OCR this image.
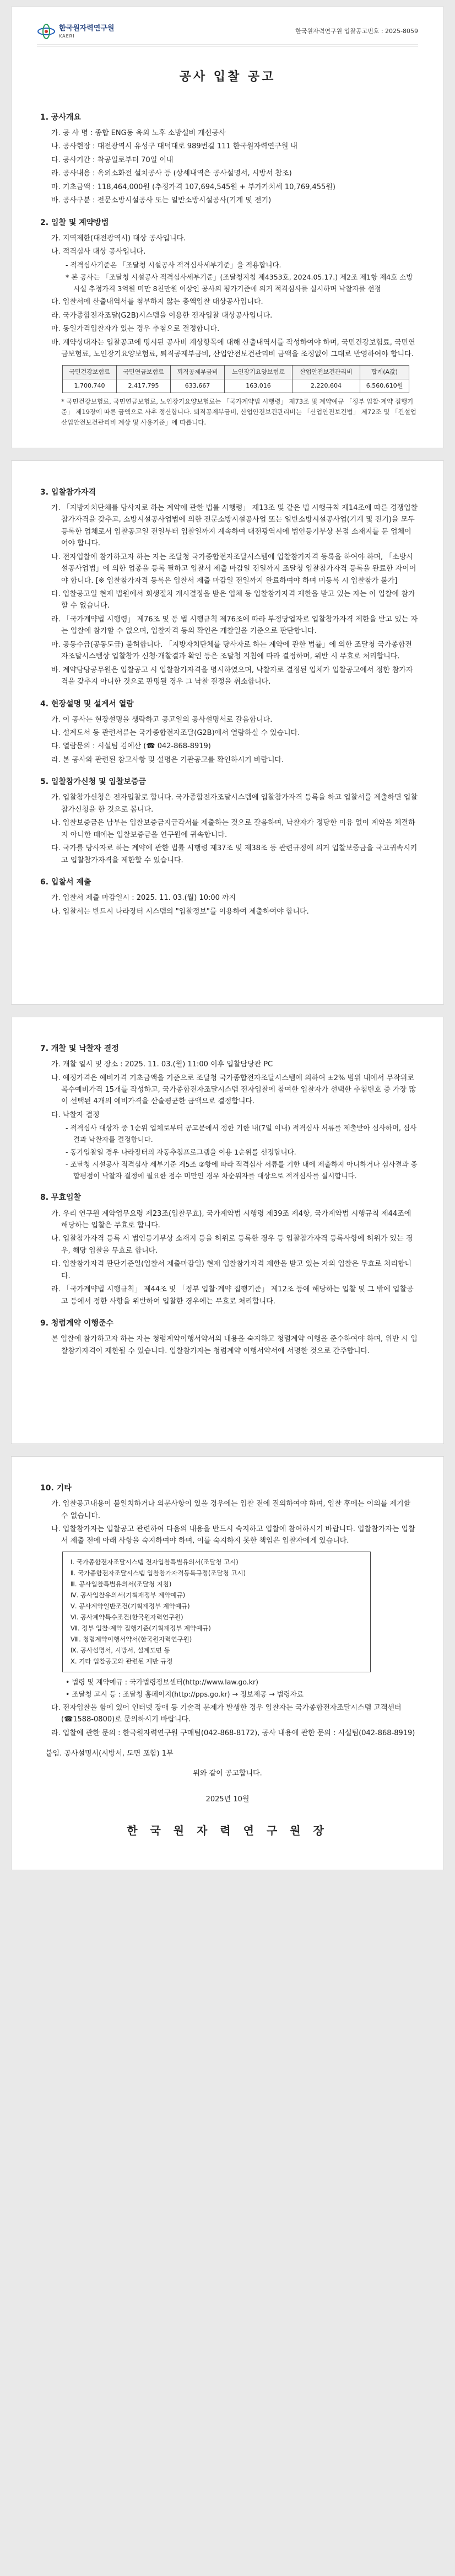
한국원자력연구원
KAERI
한국원자력연구원 입찰공고번호 : 2025-8059
공사 입찰 공고
1. 공사개요
가. 공 사 명 : 종합 ENG동 옥외 노후 소방설비 개선공사
나. 공사현장 : 대전광역시 유성구 대덕대로 989번길 111 한국원자력연구원 내
다. 공사기간 : 착공일로부터 70일 이내
라. 공사내용 : 옥외소화전 설치공사 등 (상세내역은 공사설명서, 시방서 참조)
마. 기초금액 : 118,464,000원 (추정가격 107,694,545원 + 부가가치세 10,769,455원)
바. 공사구분 : 전문소방시설공사 또는 일반소방시설공사(기계 및 전기)
2. 입찰 및 계약방법
가. 지역제한(대전광역시) 대상 공사입니다.
나. 적격심사 대상 공사입니다.
- 적격심사기준은 「조달청 시설공사 적격심사세부기준」을 적용합니다.
* 본 공사는 「조달청 시설공사 적격심사세부기준」(조달청지침 제4353호, 2024.05.17.) 제2조 제1항 제4호 소방시설 추정가격 3억원 미만 8천만원 이상인 공사의 평가기준에 의거 적격심사를 실시하며 낙찰자를 선정
다. 입찰서에 산출내역서를 첨부하지 않는 총액입찰 대상공사입니다.
라. 국가종합전자조달(G2B)시스템을 이용한 전자입찰 대상공사입니다.
마. 동일가격입찰자가 있는 경우 추첨으로 결정합니다.
바. 계약상대자는 입찰공고에 명시된 공사비 계상항목에 대해 산출내역서를 작성하여야 하며, 국민건강보험료, 국민연금보험료, 노인장기요양보험료, 퇴직공제부금비, 산업안전보건관리비 금액을 조정없이 그대로 반영하여야 합니다.
국민건강보험료	국민연금보험료	퇴직공제부금비	노인장기요양보험료	산업안전보건관리비	합계(A값)
1,700,740	2,417,795	633,667	163,016	2,220,604	6,560,610원
* 국민건강보험료, 국민연금보험료, 노인장기요양보험료는 「국가계약법 시행령」 제73조 및 계약예규 「정부 입찰·계약 집행기준」 제19장에 따른 금액으로 사후 정산합니다. 퇴직공제부금비, 산업안전보건관리비는 「산업안전보건법」 제72조 및 「건설업 산업안전보건관리비 계상 및 사용기준」에 따릅니다.
3. 입찰참가자격
가. 「지방자치단체를 당사자로 하는 계약에 관한 법률 시행령」 제13조 및 같은 법 시행규칙 제14조에 따른 경쟁입찰 참가자격을 갖추고, 소방시설공사업법에 의한 전문소방시설공사업 또는 일반소방시설공사업(기계 및 전기)을 모두 등록한 업체로서 입찰공고일 전일부터 입찰일까지 계속하여 대전광역시에 법인등기부상 본점 소재지를 둔 업체이어야 합니다.
나. 전자입찰에 참가하고자 하는 자는 조달청 국가종합전자조달시스템에 입찰참가자격 등록을 하여야 하며, 「소방시설공사업법」에 의한 업종을 등록 필하고 입찰서 제출 마감일 전일까지 조달청 입찰참가자격 등록을 완료한 자이어야 합니다. [※ 입찰참가자격 등록은 입찰서 제출 마감일 전일까지 완료하여야 하며 미등록 시 입찰참가 불가]
다. 입찰공고일 현재 법원에서 회생절차 개시결정을 받은 업체 등 입찰참가자격 제한을 받고 있는 자는 이 입찰에 참가할 수 없습니다.
라. 「국가계약법 시행령」 제76조 및 동 법 시행규칙 제76조에 따라 부정당업자로 입찰참가자격 제한을 받고 있는 자는 입찰에 참가할 수 없으며, 입찰자격 등의 확인은 개찰일을 기준으로 판단합니다.
마. 공동수급(공동도급) 불허합니다. 「지방자치단체를 당사자로 하는 계약에 관한 법률」에 의한 조달청 국가종합전자조달시스템상 입찰참가 신청·개찰결과 확인 등은 조달청 지침에 따라 결정하며, 위반 시 무효로 처리합니다.
바. 계약담당공무원은 입찰공고 시 입찰참가자격을 명시하였으며, 낙찰자로 결정된 업체가 입찰공고에서 정한 참가자격을 갖추지 아니한 것으로 판명될 경우 그 낙찰 결정을 취소합니다.
4. 현장설명 및 설계서 열람
가. 이 공사는 현장설명을 생략하고 공고일의 공사설명서로 갈음합니다.
나. 설계도서 등 관련서류는 국가종합전자조달(G2B)에서 열람하실 수 있습니다.
다. 열람문의 : 시설팀 김예산 (☎ 042-868-8919)
라. 본 공사와 관련된 참고사항 및 설명은 기관공고를 확인하시기 바랍니다.
5. 입찰참가신청 및 입찰보증금
가. 입찰참가신청은 전자입찰로 합니다. 국가종합전자조달시스템에 입찰참가자격 등록을 하고 입찰서를 제출하면 입찰참가신청을 한 것으로 봅니다.
나. 입찰보증금은 납부는 입찰보증금지급각서를 제출하는 것으로 갈음하며, 낙찰자가 정당한 이유 없이 계약을 체결하지 아니한 때에는 입찰보증금을 연구원에 귀속합니다.
다. 국가를 당사자로 하는 계약에 관한 법률 시행령 제37조 및 제38조 등 관련규정에 의거 입찰보증금을 국고귀속시키고 입찰참가자격을 제한할 수 있습니다.
6. 입찰서 제출
가. 입찰서 제출 마감일시 : 2025. 11. 03.(월) 10:00 까지
나. 입찰서는 반드시 나라장터 시스템의 "입찰정보"를 이용하여 제출하여야 합니다.
7. 개찰 및 낙찰자 결정
가. 개찰 일시 및 장소 : 2025. 11. 03.(월) 11:00 이후 입찰담당관 PC
나. 예정가격은 예비가격 기초금액을 기준으로 조달청 국가종합전자조달시스템에 의하여 ±2% 범위 내에서 무작위로 복수예비가격 15개를 작성하고, 국가종합전자조달시스템 전자입찰에 참여한 입찰자가 선택한 추첨번호 중 가장 많이 선택된 4개의 예비가격을 산술평균한 금액으로 결정합니다.
다. 낙찰자 결정
- 적격심사 대상자 중 1순위 업체로부터 공고문에서 정한 기한 내(7일 이내) 적격심사 서류를 제출받아 심사하며, 심사결과 낙찰자를 결정합니다.
- 동가입찰일 경우 나라장터의 자동추첨프로그램을 이용 1순위를 선정합니다.
- 조달청 시설공사 적격심사 세부기준 제5조 ②항에 따라 적격심사 서류를 기한 내에 제출하지 아니하거나 심사결과 종합평점이 낙찰자 결정에 필요한 점수 미만인 경우 차순위자를 대상으로 적격심사를 실시합니다.
8. 무효입찰
가. 우리 연구원 계약업무요령 제23조(입찰무효), 국가계약법 시행령 제39조 제4항, 국가계약법 시행규칙 제44조에 해당하는 입찰은 무효로 합니다.
나. 입찰참가자격 등록 시 법인등기부상 소재지 등을 허위로 등록한 경우 등 입찰참가자격 등록사항에 허위가 있는 경우, 해당 입찰을 무효로 합니다.
다. 입찰참가자격 판단기준일(입찰서 제출마감일) 현재 입찰참가자격 제한을 받고 있는 자의 입찰은 무효로 처리합니다.
라. 「국가계약법 시행규칙」 제44조 및 「정부 입찰·계약 집행기준」 제12조 등에 해당하는 입찰 및 그 밖에 입찰공고 등에서 정한 사항을 위반하여 입찰한 경우에는 무효로 처리합니다.
9. 청렴계약 이행준수
본 입찰에 참가하고자 하는 자는 청렴계약이행서약서의 내용을 숙지하고 청렴계약 이행을 준수하여야 하며, 위반 시 입찰참가자격이 제한될 수 있습니다. 입찰참가자는 청렴계약 이행서약서에 서명한 것으로 간주합니다.
10. 기타
가. 입찰공고내용이 불일치하거나 의문사항이 있을 경우에는 입찰 전에 질의하여야 하며, 입찰 후에는 이의를 제기할 수 없습니다.
나. 입찰참가자는 입찰공고 관련하여 다음의 내용을 반드시 숙지하고 입찰에 참여하시기 바랍니다. 입찰참가자는 입찰서 제출 전에 아래 사항을 숙지하여야 하며, 이를 숙지하지 못한 책임은 입찰자에게 있습니다.
Ⅰ. 국가종합전자조달시스템 전자입찰특별유의서(조달청 고시)
Ⅱ. 국가종합전자조달시스템 입찰참가자격등록규정(조달청 고시)
Ⅲ. 공사입찰특별유의서(조달청 지침)
Ⅳ. 공사입찰유의서(기획재정부 계약예규)
Ⅴ. 공사계약일반조건(기획재정부 계약예규)
Ⅵ. 공사계약특수조건(한국원자력연구원)
Ⅶ. 정부 입찰·계약 집행기준(기획재정부 계약예규)
Ⅷ. 청렴계약이행서약서(한국원자력연구원)
Ⅸ. 공사설명서, 시방서, 설계도면 등
Ⅹ. 기타 입찰공고와 관련된 제반 규정
• 법령 및 계약예규 : 국가법령정보센터(http://www.law.go.kr)
• 조달청 고시 등 : 조달청 홈페이지(http://pps.go.kr) → 정보제공 → 법령자료
다. 전자입찰을 함에 있어 인터넷 장애 등 기술적 문제가 발생한 경우 입찰자는 국가종합전자조달시스템 고객센터(☎1588-0800)로 문의하시기 바랍니다.
라. 입찰에 관한 문의 : 한국원자력연구원 구매팀(042-868-8172), 공사 내용에 관한 문의 : 시설팀(042-868-8919)
붙임. 공사설명서(시방서, 도면 포함) 1부
위와 같이 공고합니다.
2025년 10월
한 국 원 자 력 연 구 원 장
